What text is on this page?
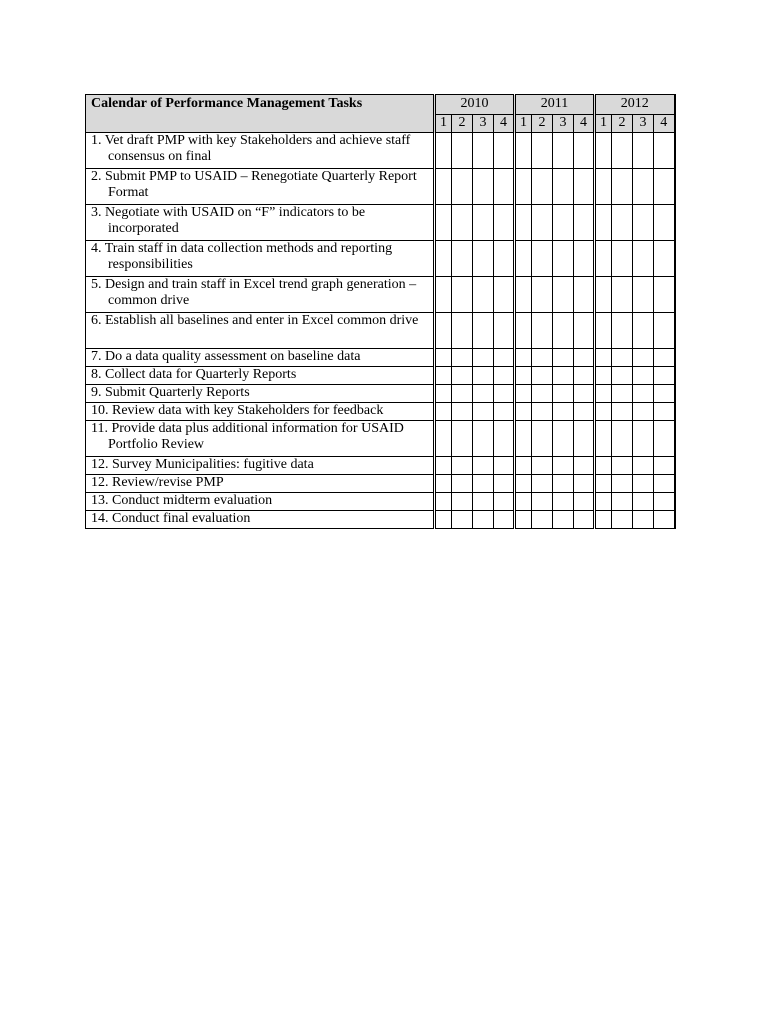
Calendar of Performance Management Tasks	2010				2011				2012			
	1	2	3	4	1	2	3	4	1	2	3	4

1. Vet draft PMP with key Stakeholders and achieve staff consensus on final												

2. Submit PMP to USAID – Renegotiate Quarterly Report Format												

3. Negotiate with USAID on “F” indicators to be incorporated												

4. Train staff in data collection methods and reporting responsibilities												

5. Design and train staff in Excel trend graph generation – common drive												

6. Establish all baselines and enter in Excel common drive												

7. Do a data quality assessment on baseline data												

8. Collect data for Quarterly Reports												

9. Submit Quarterly Reports												

10. Review data with key Stakeholders for feedback												

11. Provide data plus additional information for USAID Portfolio Review												

12. Survey Municipalities: fugitive data												

12. Review/revise PMP												

13. Conduct midterm evaluation												

14. Conduct final evaluation												
